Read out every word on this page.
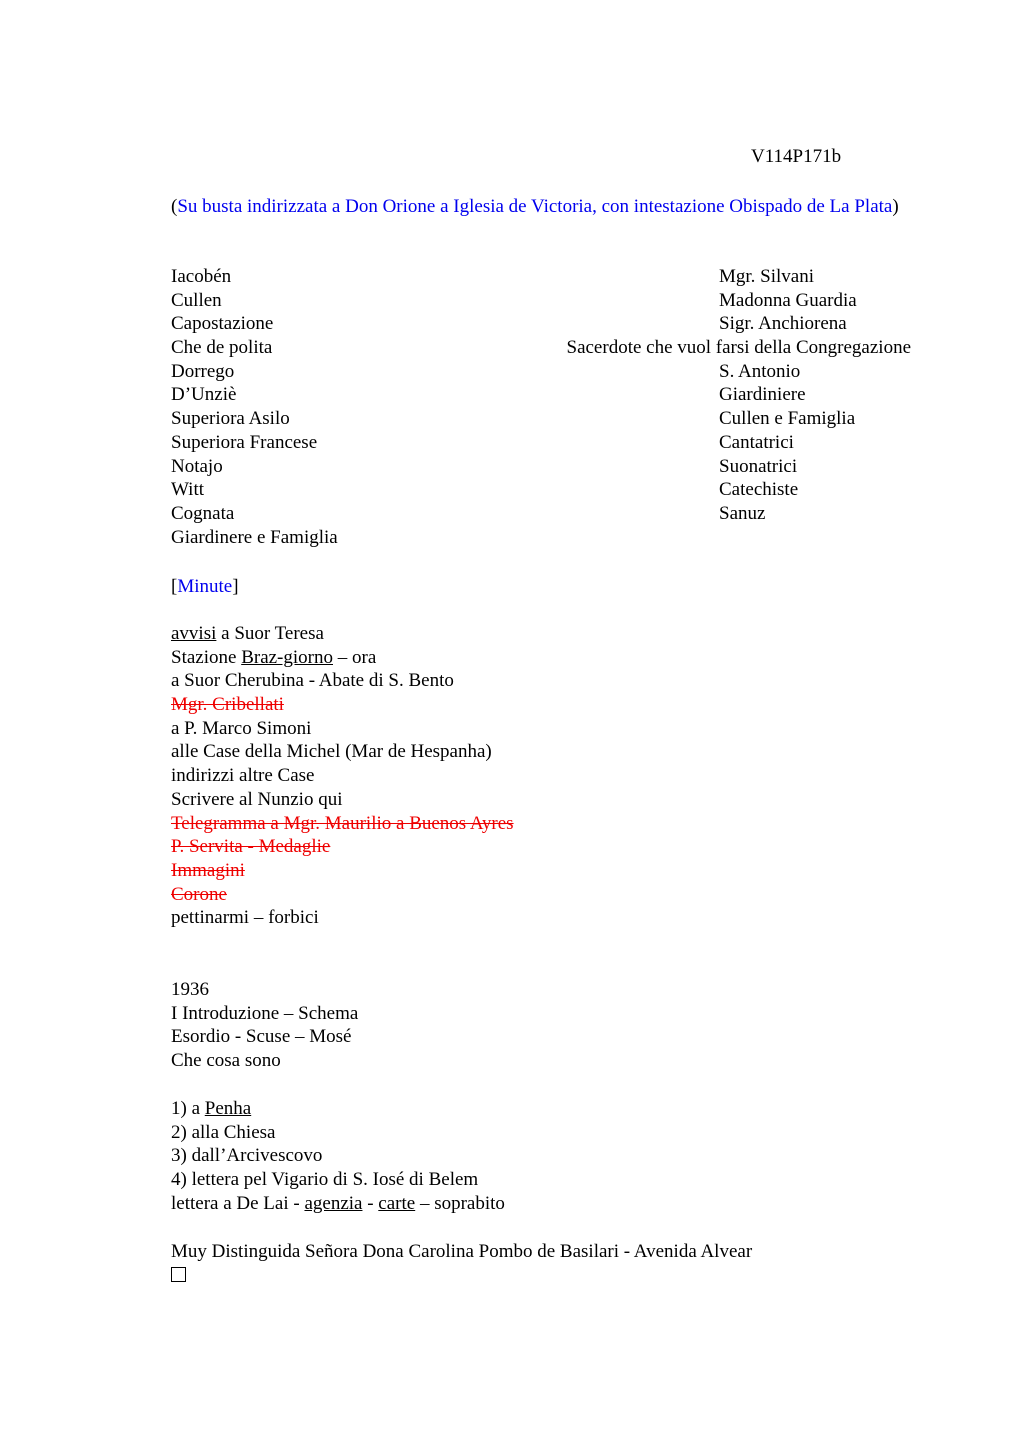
V114P171b
(Su busta indirizzata a Don Orione a Iglesia de Victoria, con intestazione Obispado de La Plata)
Iacobén	Mgr. Silvani
Cullen	Madonna Guardia
Capostazione	Sigr. Anchiorena
Che de polita	Sacerdote che vuol farsi della Congregazione
Dorrego	S. Antonio
D’Unziè	Giardiniere
Superiora Asilo	Cullen e Famiglia
Superiora Francese	Cantatrici
Notajo	Suonatrici
Witt	Catechiste
Cognata	Sanuz
Giardinere e Famiglia
[Minute]
avvisi a Suor Teresa
Stazione Braz-giorno – ora
a Suor Cherubina - Abate di S. Bento
Mgr. Cribellati
a P. Marco Simoni
alle Case della Michel (Mar de Hespanha)
indirizzi altre Case
Scrivere al Nunzio qui
Telegramma a Mgr. Maurilio a Buenos Ayres
P. Servita - Medaglie
Immagini
Corone
pettinarmi – forbici
1936
I Introduzione – Schema
Esordio - Scuse – Mosé
Che cosa sono
1) a Penha
2) alla Chiesa
3) dall’Arcivescovo
4) lettera pel Vigario di S. Iosé di Belem
lettera a De Lai - agenzia - carte – soprabito
Muy Distinguida Señora Dona Carolina Pombo de Basilari - Avenida Alvear
